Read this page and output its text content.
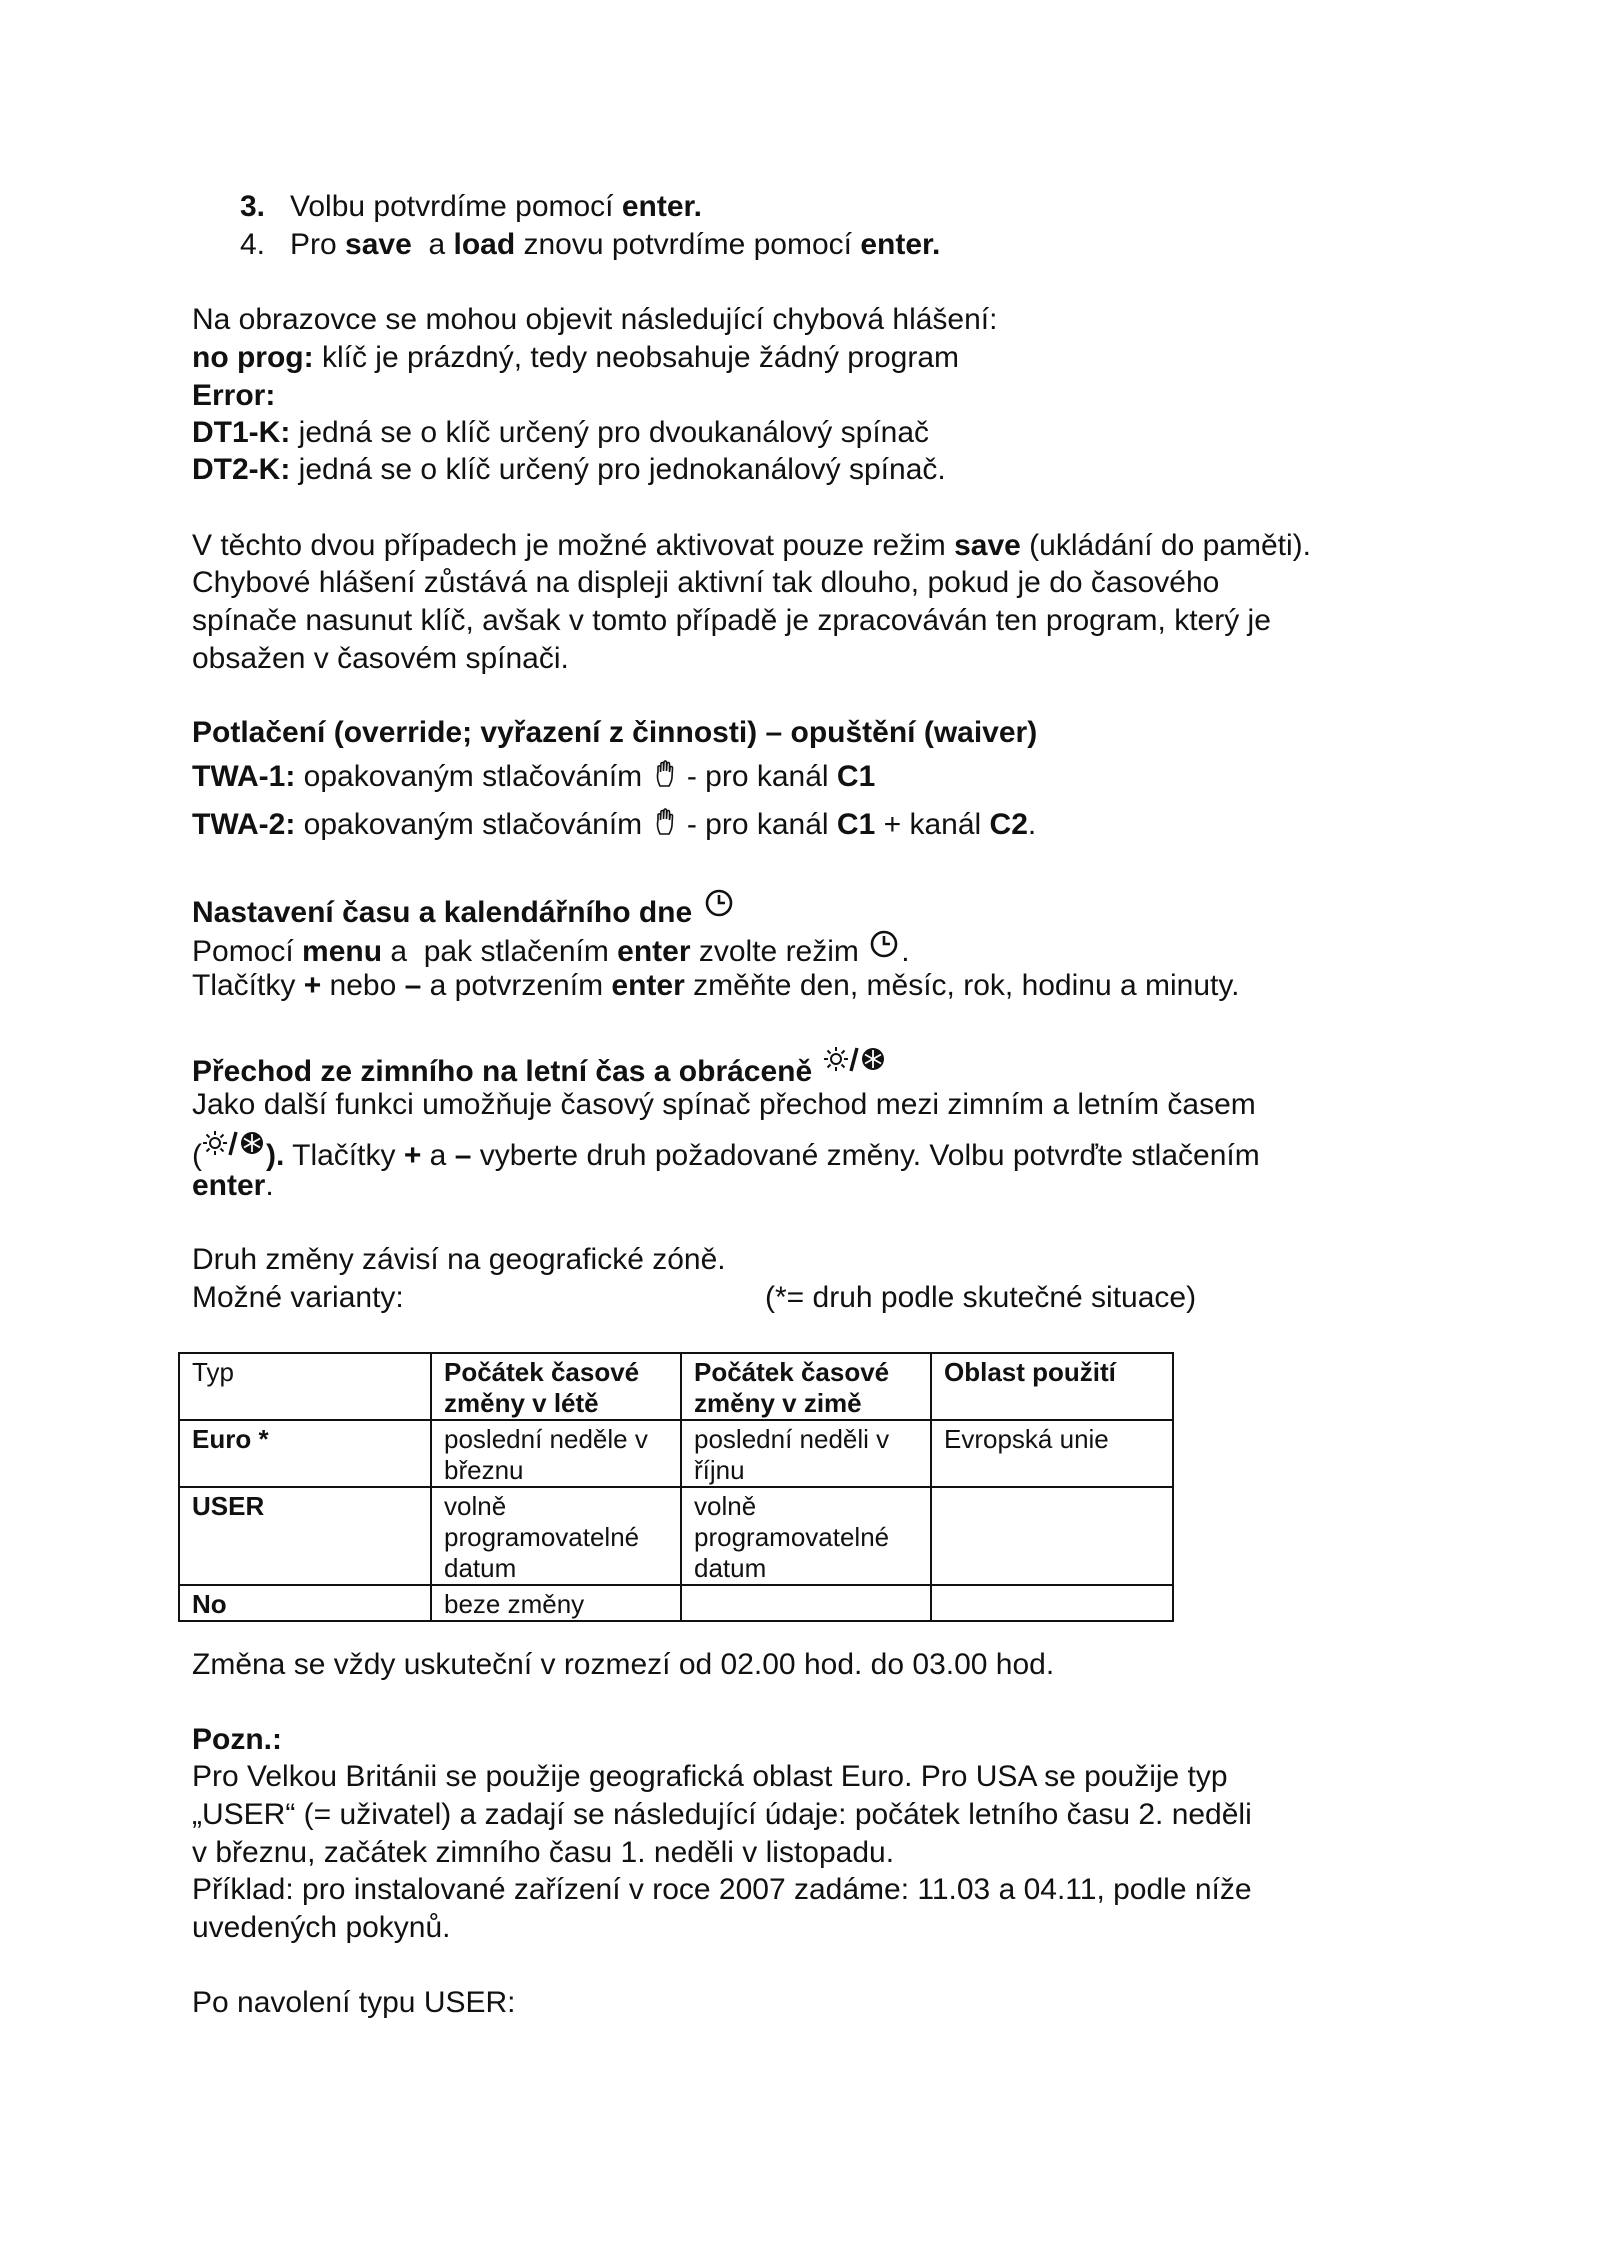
3. Volbu potvrdíme pomocí enter.
4. Pro save  a load znovu potvrdíme pomocí enter.
Na obrazovce se mohou objevit následující chybová hlášení:
no prog: klíč je prázdný, tedy neobsahuje žádný program
Error:
DT1-K: jedná se o klíč určený pro dvoukanálový spínač
DT2-K: jedná se o klíč určený pro jednokanálový spínač.
V těchto dvou případech je možné aktivovat pouze režim save (ukládání do paměti).
Chybové hlášení zůstává na displeji aktivní tak dlouho, pokud je do časového
spínače nasunut klíč, avšak v tomto případě je zpracováván ten program, který je
obsažen v časovém spínači.
Potlačení (override; vyřazení z činnosti) – opuštění (waiver)
TWA-1: opakovaným stlačováním  - pro kanál C1
TWA-2: opakovaným stlačováním  - pro kanál C1 + kanál C2.
Nastavení času a kalendářního dne
Pomocí menu a  pak stlačením enter zvolte režim .
Tlačítky + nebo – a potvrzením enter změňte den, měsíc, rok, hodinu a minuty.
Přechod ze zimního na letní čas a obráceně
Jako další funkci umožňuje časový spínač přechod mezi zimním a letním časem
( ). Tlačítky + a – vyberte druh požadované změny. Volbu potvrďte stlačením
enter.
Druh změny závisí na geografické zóně.
Možné varianty:	(*= druh podle skutečné situace)
Typ	Počátek časové změny v létě	Počátek časové změny v zimě	Oblast použití
Euro *	poslední neděle v březnu	poslední neděli v říjnu	Evropská unie
USER	volně programovatelné datum	volně programovatelné datum	
No	beze změny		
Změna se vždy uskuteční v rozmezí od 02.00 hod. do 03.00 hod.
Pozn.:
Pro Velkou Británii se použije geografická oblast Euro. Pro USA se použije typ
„USER“ (= uživatel) a zadají se následující údaje: počátek letního času 2. neděli
v březnu, začátek zimního času 1. neděli v listopadu.
Příklad: pro instalované zařízení v roce 2007 zadáme: 11.03 a 04.11, podle níže
uvedených pokynů.
Po navolení typu USER:
